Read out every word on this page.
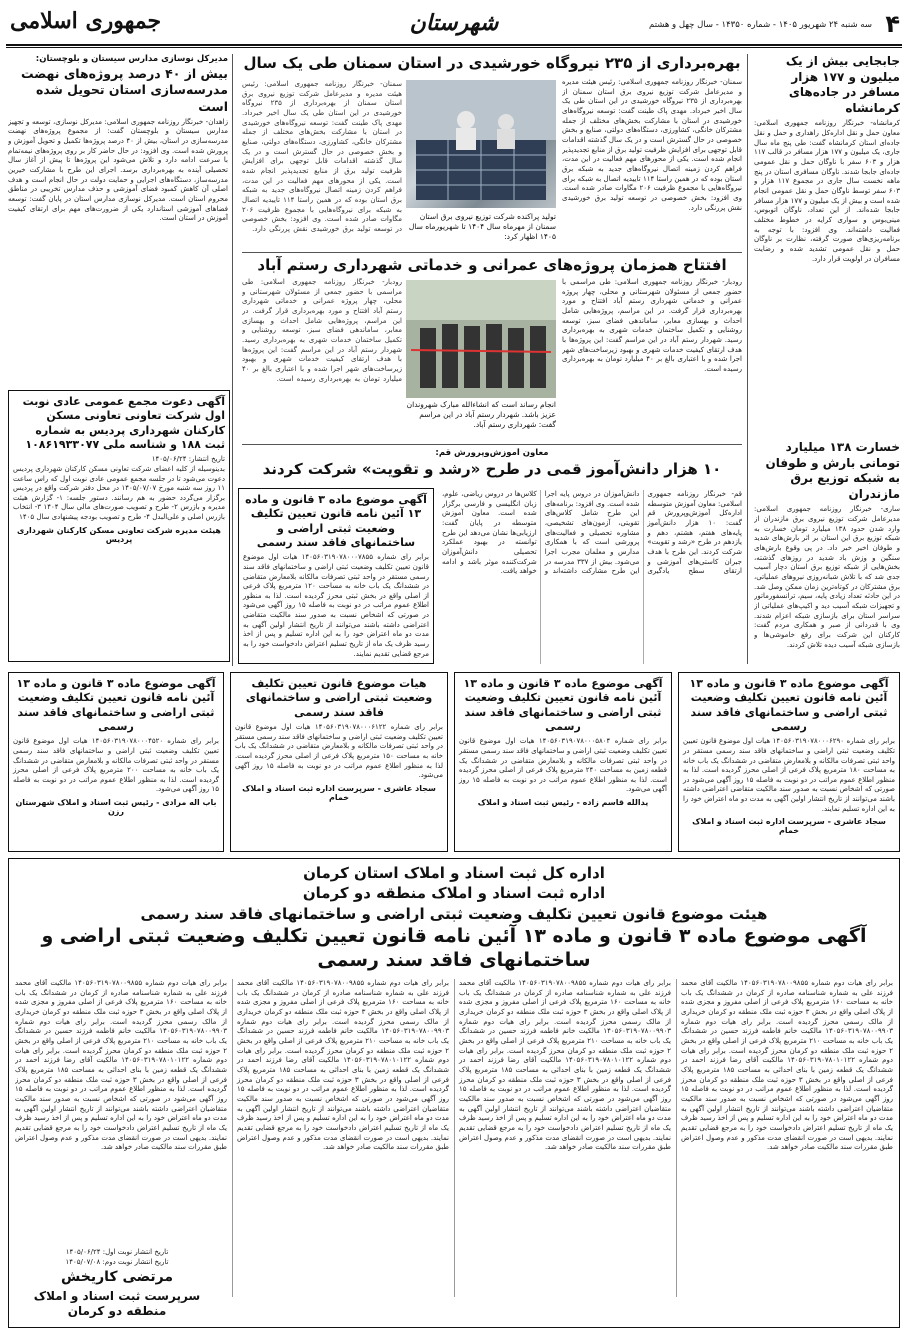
۴
سه شنبه ۲۴ شهریور ۱۴۰۵ - شماره ۱۴۳۵۰ - سال چهل و هشتم
شهرستان
جمهوری اسلامی
جابجایی بیش از یک میلیون و ۱۷۷ هزار مسافر در جاده‌های کرمانشاه
کرمانشاه- خبرنگار روزنامه جمهوری اسلامی: معاون حمل و نقل اداره‌کل راهداری و حمل و نقل جاده‌ای استان کرمانشاه گفت: طی پنج ماه سال جاری، یک میلیون و ۱۷۷ هزار مسافر در قالب ۱۱۷ هزار و ۶۰۳ سفر با ناوگان حمل و نقل عمومی جاده‌ای جابجا شدند. ناوگان مسافری استان در پنج ماهه نخست سال جاری در مجموع ۱۱۷ هزار و ۶۰۳ سفر توسط ناوگان حمل و نقل عمومی انجام شده است و بیش از یک میلیون و ۱۷۷ هزار مسافر جابجا شده‌اند. از این تعداد، ناوگان اتوبوس، مینی‌بوس و سواری کرایه در خطوط مختلف فعالیت داشته‌اند. وی افزود: با توجه به برنامه‌ریزی‌های صورت گرفته، نظارت بر ناوگان حمل و نقل عمومی تشدید شده و رضایت مسافران در اولویت قرار دارد.
خسارت ۱۳۸ میلیارد تومانی بارش و طوفان به شبکه توزیع برق مازندران
ساری- خبرنگار روزنامه جمهوری اسلامی: مدیرعامل شرکت توزیع نیروی برق مازندران از وارد شدن حدود ۱۳۸ میلیارد تومان خسارت به شبکه توزیع برق این استان بر اثر بارش‌های شدید و طوفان اخیر خبر داد. در پی وقوع بارش‌های سنگین و وزش باد شدید در روزهای گذشته، بخش‌هایی از شبکه توزیع برق استان دچار آسیب جدی شد که با تلاش شبانه‌روزی نیروهای عملیاتی، برق مشترکان در کوتاه‌ترین زمان ممکن وصل شد. در این حادثه تعداد زیادی پایه، سیم، ترانسفورماتور و تجهیزات شبکه آسیب دید و اکیپ‌های عملیاتی از سراسر استان برای بازسازی شبکه اعزام شدند. وی با قدردانی از صبر و همکاری مردم گفت: کارکنان این شرکت برای رفع خاموشی‌ها و بازسازی شبکه آسیب دیده تلاش کردند.
بهره‌برداری از ۲۳۵ نیروگاه خورشیدی در استان سمنان طی یک سال
سمنان- خبرنگار روزنامه جمهوری اسلامی: رئیس هیئت مدیره و مدیرعامل شرکت توزیع نیروی برق استان سمنان از بهره‌برداری از ۲۳۵ نیروگاه خورشیدی در این استان طی یک سال اخیر خبرداد. مهدی پاک طینت گفت: توسعه نیروگاه‌های خورشیدی در استان با مشارکت بخش‌های مختلف از جمله مشترکان خانگی، کشاورزی، دستگاه‌های دولتی، صنایع و بخش خصوصی در حال گسترش است و در یک سال گذشته اقدامات قابل توجهی برای افزایش ظرفیت تولید برق از منابع تجدیدپذیر انجام شده است. یکی از محورهای مهم فعالیت در این مدت، فراهم کردن زمینه اتصال نیروگاه‌های جدید به شبکه برق استان بوده که در همین راستا ۱۱۴ تاییدیه اتصال به شبکه برای نیروگاه‌هایی با مجموع ظرفیت ۲۰۶ مگاوات صادر شده است. وی افزود: بخش خصوصی در توسعه تولید برق خورشیدی نقش پررنگی دارد.
تولید پراکنده شرکت توزیع نیروی برق استان سمنان از مهرماه سال ۱۴۰۴ تا شهریورماه سال ۱۴۰۵ اظهار کرد:
سمنان- خبرنگار روزنامه جمهوری اسلامی: رئیس هیئت مدیره و مدیرعامل شرکت توزیع نیروی برق استان سمنان از بهره‌برداری از ۲۳۵ نیروگاه خورشیدی در این استان طی یک سال اخیر خبرداد. مهدی پاک طینت گفت: توسعه نیروگاه‌های خورشیدی در استان با مشارکت بخش‌های مختلف از جمله مشترکان خانگی، کشاورزی، دستگاه‌های دولتی، صنایع و بخش خصوصی در حال گسترش است و در یک سال گذشته اقدامات قابل توجهی برای افزایش ظرفیت تولید برق از منابع تجدیدپذیر انجام شده است. یکی از محورهای مهم فعالیت در این مدت، فراهم کردن زمینه اتصال نیروگاه‌های جدید به شبکه برق استان بوده که در همین راستا ۱۱۴ تاییدیه اتصال به شبکه برای نیروگاه‌هایی با مجموع ظرفیت ۲۰۶ مگاوات صادر شده است. وی افزود: بخش خصوصی در توسعه تولید برق خورشیدی نقش پررنگی دارد.
افتتاح همزمان پروژه‌های عمرانی و خدماتی شهرداری رستم آباد
رودبار- خبرنگار روزنامه جمهوری اسلامی: طی مراسمی با حضور جمعی از مسئولان شهرستانی و محلی، چهار پروژه عمرانی و خدماتی شهرداری رستم آباد افتتاح و مورد بهره‌برداری قرار گرفت. در این مراسم، پروژه‌هایی شامل احداث و بهسازی معابر، ساماندهی فضای سبز، توسعه روشنایی و تکمیل ساختمان خدمات شهری به بهره‌برداری رسید. شهردار رستم آباد در این مراسم گفت: این پروژه‌ها با هدف ارتقای کیفیت خدمات شهری و بهبود زیرساخت‌های شهر اجرا شده و با اعتباری بالغ بر ۴۰ میلیارد تومان به بهره‌برداری رسیده است.
انجام رساند است که انشاءالله مبارک شهروندان عزیز باشد. شهردار رستم آباد در این مراسم گفت: شهرداری رستم آباد.
رودبار- خبرنگار روزنامه جمهوری اسلامی: طی مراسمی با حضور جمعی از مسئولان شهرستانی و محلی، چهار پروژه عمرانی و خدماتی شهرداری رستم آباد افتتاح و مورد بهره‌برداری قرار گرفت. در این مراسم، پروژه‌هایی شامل احداث و بهسازی معابر، ساماندهی فضای سبز، توسعه روشنایی و تکمیل ساختمان خدمات شهری به بهره‌برداری رسید. شهردار رستم آباد در این مراسم گفت: این پروژه‌ها با هدف ارتقای کیفیت خدمات شهری و بهبود زیرساخت‌های شهر اجرا شده و با اعتباری بالغ بر ۴۰ میلیارد تومان به بهره‌برداری رسیده است.
مدیرکل نوسازی مدارس سیستان و بلوچستان:
بیش از ۴۰ درصد پروژه‌های نهضت مدرسه‌سازی استان تحویل شده است
زاهدان- خبرنگار روزنامه جمهوری اسلامی: مدیرکل نوسازی، توسعه و تجهیز مدارس سیستان و بلوچستان گفت: از مجموع پروژه‌های نهضت مدرسه‌سازی در استان، بیش از ۴۰ درصد پروژه‌ها تکمیل و تحویل آموزش و پرورش شده است. وی افزود: در حال حاضر کار بر روی پروژه‌های نیمه‌تمام با سرعت ادامه دارد و تلاش می‌شود این پروژه‌ها تا پیش از آغاز سال تحصیلی آینده به بهره‌برداری برسد. اجرای این طرح با مشارکت خیرین مدرسه‌ساز، دستگاه‌های اجرایی و حمایت دولت در حال انجام است و هدف اصلی آن کاهش کمبود فضای آموزشی و حذف مدارس تخریبی در مناطق محروم استان است. مدیرکل نوسازی مدارس استان در پایان گفت: توسعه فضاهای آموزشی استاندارد یکی از ضرورت‌های مهم برای ارتقای کیفیت آموزش در استان است.
آگهی دعوت مجمع عمومی عادی نوبت اول شرکت تعاونی تعاونی مسکن کارکنان شهرداری پردیس به شماره ثبت ۱۸۸ و شناسه ملی ۱۰۸۶۱۹۳۳۰۷۷
تاریخ انتشار: ۱۴۰۵/۰۶/۲۴
بدینوسیله از کلیه اعضای شرکت تعاونی مسکن کارکنان شهرداری پردیس دعوت می‌شود تا در جلسه مجمع عمومی عادی نوبت اول که راس ساعت ۱۱ روز سه شنبه مورخ ۱۴۰۵/۰۷/۰۷ در محل دفتر شرکت واقع در پردیس برگزار می‌گردد حضور به هم رسانند. دستور جلسه: ۱- گزارش هیئت مدیره و بازرس ۲- طرح و تصویب صورت‌های مالی سال ۱۴۰۴ ۳- انتخاب بازرس اصلی و علی‌البدل ۴- طرح و تصویب بودجه پیشنهادی سال ۱۴۰۵
هیئت مدیره شرکت تعاونی مسکن کارکنان شهرداری پردیس
معاون آموزش‌وپرورش قم:
۱۰ هزار دانش‌آموز قمی در طرح «رشد و تقویت» شرکت کردند
قم- خبرنگار روزنامه جمهوری اسلامی: معاون آموزش متوسطه اداره‌کل آموزش‌وپرورش قم گفت: ۱۰ هزار دانش‌آموز پایه‌های هفتم، هشتم، دهم و یازدهم در طرح «رشد و تقویت» شرکت کردند. این طرح با هدف جبران کاستی‌های آموزشی و ارتقای سطح یادگیری دانش‌آموزان در دروس پایه اجرا شده است. وی افزود: برنامه‌های این طرح شامل کلاس‌های تقویتی، آزمون‌های تشخیصی، مشاوره تحصیلی و فعالیت‌های پرورشی است که با همکاری مدارس و معلمان مجرب اجرا می‌شود. بیش از ۳۳۷ مدرسه در این طرح مشارکت داشته‌اند و کلاس‌ها در دروس ریاضی، علوم، زبان انگلیسی و فارسی برگزار شده است. معاون آموزش متوسطه در پایان گفت: ارزیابی‌ها نشان می‌دهد این طرح توانسته در بهبود عملکرد تحصیلی دانش‌آموزان شرکت‌کننده موثر باشد و ادامه خواهد یافت.
آگهی موضوع ماده ۳ قانون و ماده ۱۳ آئین نامه قانون تعیین تکلیف وضعیت ثبتی اراضی و ساختمانهای فاقد سند رسمی
برابر رای شماره ۱۴۰۵۶۰۳۱۹۰۷۸۰۰۰۷۸۵۵ هیات اول موضوع قانون تعیین تکلیف وضعیت ثبتی اراضی و ساختمانهای فاقد سند رسمی مستقر در واحد ثبتی تصرفات مالکانه بلامعارض متقاضی در ششدانگ یک باب خانه به مساحت ۱۲۰ مترمربع پلاک فرعی از اصلی واقع در بخش ثبتی محرز گردیده است. لذا به منظور اطلاع عموم مراتب در دو نوبت به فاصله ۱۵ روز آگهی می‌شود در صورتی که اشخاص نسبت به صدور سند مالکیت متقاضی اعتراضی داشته باشند می‌توانند از تاریخ انتشار اولین آگهی به مدت دو ماه اعتراض خود را به این اداره تسلیم و پس از اخذ رسید ظرف یک ماه از تاریخ تسلیم اعتراض دادخواست خود را به مرجع قضایی تقدیم نمایند.
آگهی موضوع ماده ۳ قانون و ماده ۱۳ آئین نامه قانون تعیین تکلیف وضعیت ثبتی اراضی و ساختمانهای فاقد سند رسمی
برابر رای شماره ۱۴۰۵۶۰۳۱۹۰۷۸۰۰۰۶۲۹۰ هیات اول موضوع قانون تعیین تکلیف وضعیت ثبتی اراضی و ساختمانهای فاقد سند رسمی مستقر در واحد ثبتی تصرفات مالکانه و بلامعارض متقاضی در ششدانگ یک باب خانه به مساحت ۱۸۰ مترمربع پلاک فرعی از اصلی محرز گردیده است. لذا به منظور اطلاع عموم مراتب در دو نوبت به فاصله ۱۵ روز آگهی می‌شود در صورتی که اشخاص نسبت به صدور سند مالکیت متقاضی اعتراضی داشته باشند می‌توانند از تاریخ انتشار اولین آگهی به مدت دو ماه اعتراض خود را به این اداره تسلیم نمایند.
سجاد عاشری - سرپرست اداره ثبت اسناد و املاک خمام
آگهی موضوع ماده ۳ قانون و ماده ۱۳ آئین نامه قانون تعیین تکلیف وضعیت ثبتی اراضی و ساختمانهای فاقد سند رسمی
برابر رای شماره ۱۴۰۵۶۰۳۱۹۰۷۸۰۰۰۵۸۰۴ هیات اول موضوع قانون تعیین تکلیف وضعیت ثبتی اراضی و ساختمانهای فاقد سند رسمی مستقر در واحد ثبتی تصرفات مالکانه و بلامعارض متقاضی در ششدانگ یک قطعه زمین به مساحت ۲۴۰ مترمربع پلاک فرعی از اصلی محرز گردیده است. لذا به منظور اطلاع عموم مراتب در دو نوبت به فاصله ۱۵ روز آگهی می‌شود.
یدالله قاسم زاده - رئیس ثبت اسناد و املاک
هیات موضوع قانون تعیین تکلیف وضعیت ثبتی اراضی و ساختمانهای فاقد سند رسمی
برابر رای شماره ۱۴۰۵۶۰۳۱۹۰۷۸۰۰۰۶۱۲۲ هیات اول موضوع قانون تعیین تکلیف وضعیت ثبتی اراضی و ساختمانهای فاقد سند رسمی مستقر در واحد ثبتی تصرفات مالکانه و بلامعارض متقاضی در ششدانگ یک باب خانه به مساحت ۱۵۰ مترمربع پلاک فرعی از اصلی محرز گردیده است. لذا به منظور اطلاع عموم مراتب در دو نوبت به فاصله ۱۵ روز آگهی می‌شود.
سجاد عاشری - سرپرست اداره ثبت اسناد و املاک خمام
آگهی موضوع ماده ۳ قانون و ماده ۱۳ آئین نامه قانون تعیین تکلیف وضعیت ثبتی اراضی و ساختمانهای فاقد سند رسمی
برابر رای شماره ۱۴۰۵۶۰۳۱۹۰۷۸۰۰۰۴۵۲۰ هیات اول موضوع قانون تعیین تکلیف وضعیت ثبتی اراضی و ساختمانهای فاقد سند رسمی مستقر در واحد ثبتی تصرفات مالکانه و بلامعارض متقاضی در ششدانگ یک باب خانه به مساحت ۲۰۰ مترمربع پلاک فرعی از اصلی محرز گردیده است. لذا به منظور اطلاع عموم مراتب در دو نوبت به فاصله ۱۵ روز آگهی می‌شود.
باب اله مرادی - رئیس ثبت اسناد و املاک شهرستان رزن
اداره کل ثبت اسناد و املاک استان کرمان
اداره ثبت اسناد و املاک منطقه دو کرمان
هیئت موضوع قانون تعیین تکلیف وضعیت ثبتی اراضی و ساختمانهای فاقد سند رسمی
آگهی موضوع ماده ۳ قانون و ماده ۱۳ آئین نامه قانون تعیین تکلیف وضعیت ثبتی اراضی و ساختمانهای فاقد سند رسمی
برابر رای هیات دوم شماره ۱۴۰۵۶۰۳۱۹۰۷۸۰۰۹۸۵۵ مالکیت آقای محمد فرزند علی به شماره شناسنامه صادره از کرمان در ششدانگ یک باب خانه به مساحت ۱۶۰ مترمربع پلاک فرعی از اصلی مفروز و مجزی شده از پلاک اصلی واقع در بخش ۳ حوزه ثبت ملک منطقه دو کرمان خریداری از مالک رسمی محرز گردیده است. برابر رای هیات دوم شماره ۱۴۰۵۶۰۳۱۹۰۷۸۰۰۹۹۰۳ مالکیت خانم فاطمه فرزند حسین در ششدانگ یک باب خانه به مساحت ۲۱۰ مترمربع پلاک فرعی از اصلی واقع در بخش ۲ حوزه ثبت ملک منطقه دو کرمان محرز گردیده است. برابر رای هیات دوم شماره ۱۴۰۵۶۰۳۱۹۰۷۸۰۱۰۱۲۲ مالکیت آقای رضا فرزند احمد در ششدانگ یک قطعه زمین با بنای احداثی به مساحت ۱۸۵ مترمربع پلاک فرعی از اصلی واقع در بخش ۳ حوزه ثبت ملک منطقه دو کرمان محرز گردیده است. لذا به منظور اطلاع عموم مراتب در دو نوبت به فاصله ۱۵ روز آگهی می‌شود در صورتی که اشخاص نسبت به صدور سند مالکیت متقاضیان اعتراضی داشته باشند می‌توانند از تاریخ انتشار اولین آگهی به مدت دو ماه اعتراض خود را به این اداره تسلیم و پس از اخذ رسید ظرف یک ماه از تاریخ تسلیم اعتراض دادخواست خود را به مرجع قضایی تقدیم نمایند. بدیهی است در صورت انقضای مدت مذکور و عدم وصول اعتراض طبق مقررات سند مالکیت صادر خواهد شد.
برابر رای هیات دوم شماره ۱۴۰۵۶۰۳۱۹۰۷۸۰۰۹۸۵۵ مالکیت آقای محمد فرزند علی به شماره شناسنامه صادره از کرمان در ششدانگ یک باب خانه به مساحت ۱۶۰ مترمربع پلاک فرعی از اصلی مفروز و مجزی شده از پلاک اصلی واقع در بخش ۳ حوزه ثبت ملک منطقه دو کرمان خریداری از مالک رسمی محرز گردیده است. برابر رای هیات دوم شماره ۱۴۰۵۶۰۳۱۹۰۷۸۰۰۹۹۰۳ مالکیت خانم فاطمه فرزند حسین در ششدانگ یک باب خانه به مساحت ۲۱۰ مترمربع پلاک فرعی از اصلی واقع در بخش ۲ حوزه ثبت ملک منطقه دو کرمان محرز گردیده است. برابر رای هیات دوم شماره ۱۴۰۵۶۰۳۱۹۰۷۸۰۱۰۱۲۲ مالکیت آقای رضا فرزند احمد در ششدانگ یک قطعه زمین با بنای احداثی به مساحت ۱۸۵ مترمربع پلاک فرعی از اصلی واقع در بخش ۳ حوزه ثبت ملک منطقه دو کرمان محرز گردیده است. لذا به منظور اطلاع عموم مراتب در دو نوبت به فاصله ۱۵ روز آگهی می‌شود در صورتی که اشخاص نسبت به صدور سند مالکیت متقاضیان اعتراضی داشته باشند می‌توانند از تاریخ انتشار اولین آگهی به مدت دو ماه اعتراض خود را به این اداره تسلیم و پس از اخذ رسید ظرف یک ماه از تاریخ تسلیم اعتراض دادخواست خود را به مرجع قضایی تقدیم نمایند. بدیهی است در صورت انقضای مدت مذکور و عدم وصول اعتراض طبق مقررات سند مالکیت صادر خواهد شد.
برابر رای هیات دوم شماره ۱۴۰۵۶۰۳۱۹۰۷۸۰۰۹۸۵۵ مالکیت آقای محمد فرزند علی به شماره شناسنامه صادره از کرمان در ششدانگ یک باب خانه به مساحت ۱۶۰ مترمربع پلاک فرعی از اصلی مفروز و مجزی شده از پلاک اصلی واقع در بخش ۳ حوزه ثبت ملک منطقه دو کرمان خریداری از مالک رسمی محرز گردیده است. برابر رای هیات دوم شماره ۱۴۰۵۶۰۳۱۹۰۷۸۰۰۹۹۰۳ مالکیت خانم فاطمه فرزند حسین در ششدانگ یک باب خانه به مساحت ۲۱۰ مترمربع پلاک فرعی از اصلی واقع در بخش ۲ حوزه ثبت ملک منطقه دو کرمان محرز گردیده است. برابر رای هیات دوم شماره ۱۴۰۵۶۰۳۱۹۰۷۸۰۱۰۱۲۲ مالکیت آقای رضا فرزند احمد در ششدانگ یک قطعه زمین با بنای احداثی به مساحت ۱۸۵ مترمربع پلاک فرعی از اصلی واقع در بخش ۳ حوزه ثبت ملک منطقه دو کرمان محرز گردیده است. لذا به منظور اطلاع عموم مراتب در دو نوبت به فاصله ۱۵ روز آگهی می‌شود در صورتی که اشخاص نسبت به صدور سند مالکیت متقاضیان اعتراضی داشته باشند می‌توانند از تاریخ انتشار اولین آگهی به مدت دو ماه اعتراض خود را به این اداره تسلیم و پس از اخذ رسید ظرف یک ماه از تاریخ تسلیم اعتراض دادخواست خود را به مرجع قضایی تقدیم نمایند. بدیهی است در صورت انقضای مدت مذکور و عدم وصول اعتراض طبق مقررات سند مالکیت صادر خواهد شد.
برابر رای هیات دوم شماره ۱۴۰۵۶۰۳۱۹۰۷۸۰۰۹۸۵۵ مالکیت آقای محمد فرزند علی به شماره شناسنامه صادره از کرمان در ششدانگ یک باب خانه به مساحت ۱۶۰ مترمربع پلاک فرعی از اصلی مفروز و مجزی شده از پلاک اصلی واقع در بخش ۳ حوزه ثبت ملک منطقه دو کرمان خریداری از مالک رسمی محرز گردیده است. برابر رای هیات دوم شماره ۱۴۰۵۶۰۳۱۹۰۷۸۰۰۹۹۰۳ مالکیت خانم فاطمه فرزند حسین در ششدانگ یک باب خانه به مساحت ۲۱۰ مترمربع پلاک فرعی از اصلی واقع در بخش ۲ حوزه ثبت ملک منطقه دو کرمان محرز گردیده است. برابر رای هیات دوم شماره ۱۴۰۵۶۰۳۱۹۰۷۸۰۱۰۱۲۲ مالکیت آقای رضا فرزند احمد در ششدانگ یک قطعه زمین با بنای احداثی به مساحت ۱۸۵ مترمربع پلاک فرعی از اصلی واقع در بخش ۳ حوزه ثبت ملک منطقه دو کرمان محرز گردیده است. لذا به منظور اطلاع عموم مراتب در دو نوبت به فاصله ۱۵ روز آگهی می‌شود در صورتی که اشخاص نسبت به صدور سند مالکیت متقاضیان اعتراضی داشته باشند می‌توانند از تاریخ انتشار اولین آگهی به مدت دو ماه اعتراض خود را به این اداره تسلیم و پس از اخذ رسید ظرف یک ماه از تاریخ تسلیم اعتراض دادخواست خود را به مرجع قضایی تقدیم نمایند. بدیهی است در صورت انقضای مدت مذکور و عدم وصول اعتراض طبق مقررات سند مالکیت صادر خواهد شد.
تاریخ انتشار نوبت اول: ۱۴۰۵/۰۶/۲۴
تاریخ انتشار نوبت دوم: ۱۴۰۵/۰۷/۰۸
مرتضی کاریخش
سرپرست ثبت اسناد و املاک منطقه دو کرمان
